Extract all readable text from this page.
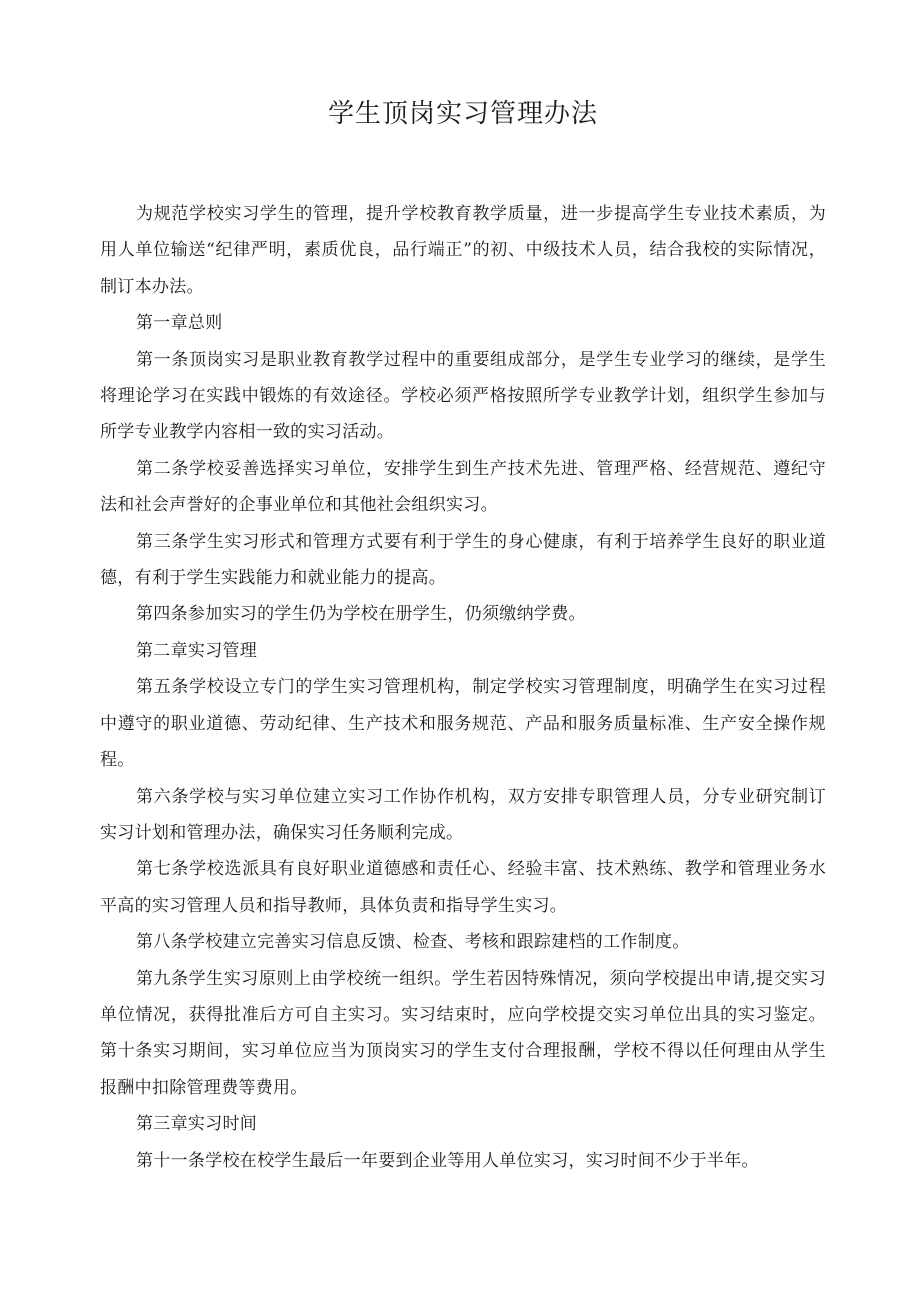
学生顶岗实习管理办法

为规范学校实习学生的管理，提升学校教育教学质量，进一步提高学生专业技术素质，为用人单位输送“纪律严明，素质优良，品行端正”的初、中级技术人员，结合我校的实际情况，制订本办法。

第一章总则

第一条顶岗实习是职业教育教学过程中的重要组成部分，是学生专业学习的继续，是学生将理论学习在实践中锻炼的有效途径。学校必须严格按照所学专业教学计划，组织学生参加与所学专业教学内容相一致的实习活动。

第二条学校妥善选择实习单位，安排学生到生产技术先进、管理严格、经营规范、遵纪守法和社会声誉好的企事业单位和其他社会组织实习。

第三条学生实习形式和管理方式要有利于学生的身心健康，有利于培养学生良好的职业道德，有利于学生实践能力和就业能力的提高。

第四条参加实习的学生仍为学校在册学生，仍须缴纳学费。

第二章实习管理

第五条学校设立专门的学生实习管理机构，制定学校实习管理制度，明确学生在实习过程中遵守的职业道德、劳动纪律、生产技术和服务规范、产品和服务质量标准、生产安全操作规程。

第六条学校与实习单位建立实习工作协作机构，双方安排专职管理人员，分专业研究制订实习计划和管理办法，确保实习任务顺利完成。

第七条学校选派具有良好职业道德感和责任心、经验丰富、技术熟练、教学和管理业务水平高的实习管理人员和指导教师，具体负责和指导学生实习。

第八条学校建立完善实习信息反馈、检查、考核和跟踪建档的工作制度。

第九条学生实习原则上由学校统一组织。学生若因特殊情况，须向学校提出申请,提交实习单位情况，获得批准后方可自主实习。实习结束时，应向学校提交实习单位出具的实习鉴定。第十条实习期间，实习单位应当为顶岗实习的学生支付合理报酬，学校不得以任何理由从学生报酬中扣除管理费等费用。

第三章实习时间

第十一条学校在校学生最后一年要到企业等用人单位实习，实习时间不少于半年。
